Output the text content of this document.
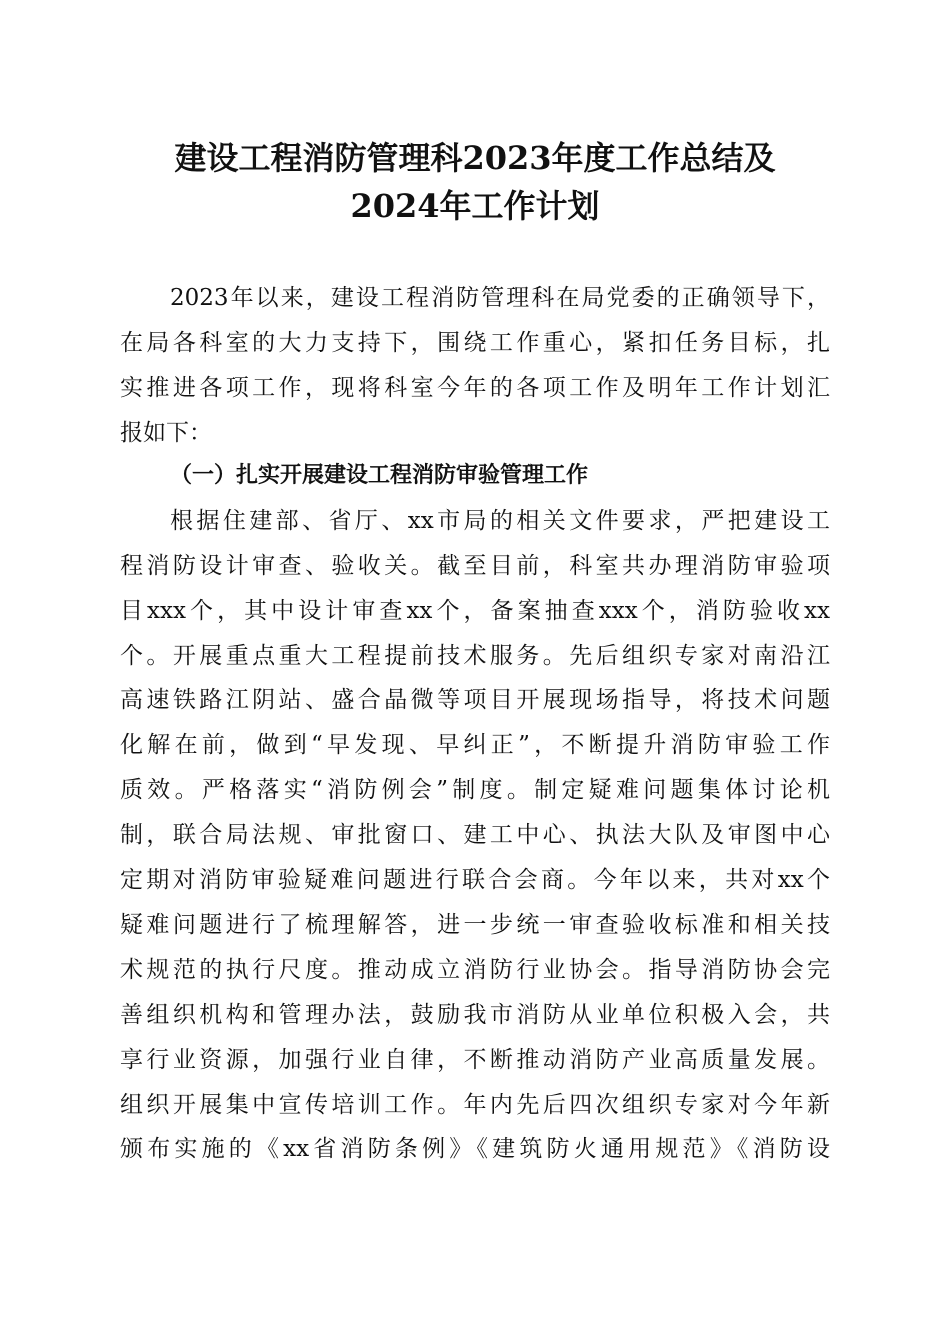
建设工程消防管理科2023年度工作总结及
2024年工作计划
2023年以来，建设工程消防管理科在局党委的正确领导下，
在局各科室的大力支持下，围绕工作重心，紧扣任务目标，扎
实推进各项工作，现将科室今年的各项工作及明年工作计划汇
报如下：
（一）扎实开展建设工程消防审验管理工作
根据住建部、省厅、xx市局的相关文件要求，严把建设工
程消防设计审查、验收关。截至目前，科室共办理消防审验项
目xxx个，其中设计审查xx个，备案抽查xxx个，消防验收xx
个。开展重点重大工程提前技术服务。先后组织专家对南沿江
高速铁路江阴站、盛合晶微等项目开展现场指导，将技术问题
化解在前，做到“早发现、早纠正”，不断提升消防审验工作
质效。严格落实“消防例会”制度。制定疑难问题集体讨论机
制，联合局法规、审批窗口、建工中心、执法大队及审图中心
定期对消防审验疑难问题进行联合会商。今年以来，共对xx个
疑难问题进行了梳理解答，进一步统一审查验收标准和相关技
术规范的执行尺度。推动成立消防行业协会。指导消防协会完
善组织机构和管理办法，鼓励我市消防从业单位积极入会，共
享行业资源，加强行业自律，不断推动消防产业高质量发展。
组织开展集中宣传培训工作。年内先后四次组织专家对今年新
颁布实施的《xx省消防条例》《建筑防火通用规范》《消防设
